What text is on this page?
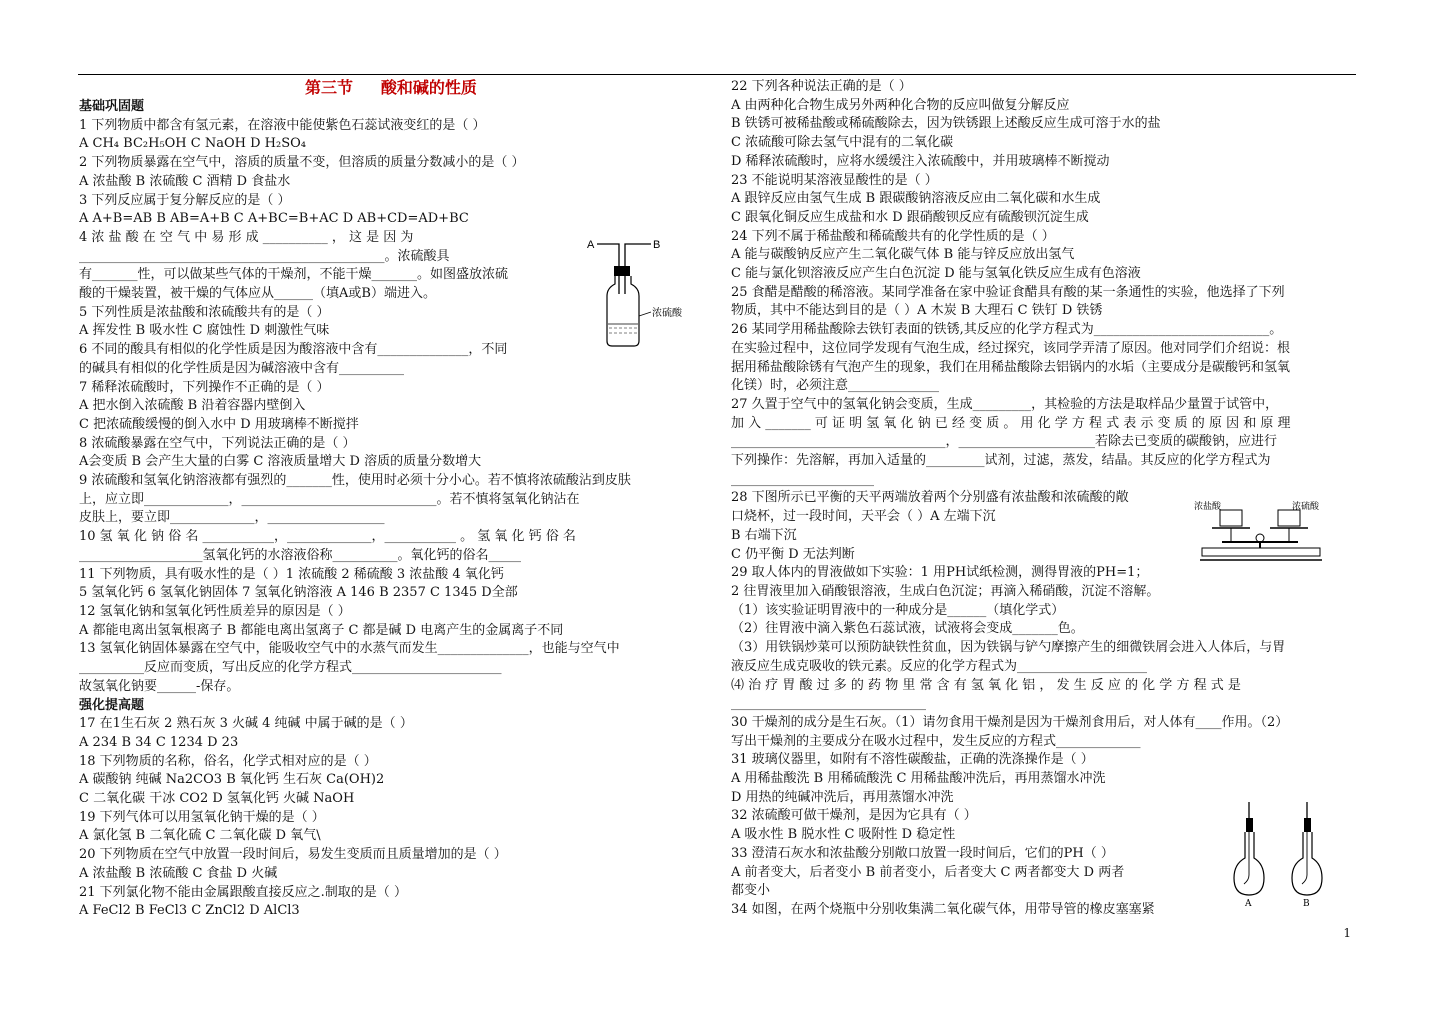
第三节 酸和碱的性质
基础巩固题
1 下列物质中都含有氢元素，在溶液中能使紫色石蕊试液变红的是（ ）
A CH₄ BC₂H₅OH C NaOH D H₂SO₄
2 下列物质暴露在空气中，溶质的质量不变，但溶质的质量分数减小的是（ ）
A 浓盐酸 B 浓硫酸 C 酒精 D 食盐水
3 下列反应属于复分解反应的是（ ）
A A+B=AB B AB=A+B C A+BC=B+AC D AB+CD=AD+BC
4 浓 盐 酸 在 空 气 中 易 形 成 __________ ， 这 是 因 为
_______________________________________________。浓硫酸具
有_______性，可以做某些气体的干燥剂，不能干燥_______。如图盛放浓硫
酸的干燥装置，被干燥的气体应从______（填A或B）端进入。
5 下列性质是浓盐酸和浓硫酸共有的是（ ）
A 挥发性 B 吸水性 C 腐蚀性 D 刺激性气味
6 不同的酸具有相似的化学性质是因为酸溶液中含有______________，不同
的碱具有相似的化学性质是因为碱溶液中含有__________
7 稀释浓硫酸时，下列操作不正确的是（ ）
A 把水倒入浓硫酸 B 沿着容器内壁倒入
C 把浓硫酸缓慢的倒入水中 D 用玻璃棒不断搅拌
8 浓硫酸暴露在空气中，下列说法正确的是（ ）
A会变质 B 会产生大量的白雾 C 溶液质量增大 D 溶质的质量分数增大
9 浓硫酸和氢氧化钠溶液都有强烈的_______性，使用时必须十分小心。若不慎将浓硫酸沾到皮肤
上，应立即_____________，______________________________。若不慎将氢氧化钠沾在
皮肤上，要立即_____________，__________________
10 氢 氧 化 钠 俗 名 ___________，_____________，___________ 。 氢 氧 化 钙 俗 名
___________________氢氧化钙的水溶液俗称__________。氧化钙的俗名_____
11 下列物质，具有吸水性的是（ ）1 浓硫酸 2 稀硫酸 3 浓盐酸 4 氧化钙
5 氢氧化钙 6 氢氧化钠固体 7 氢氧化钠溶液 A 146 B 2357 C 1345 D全部
12 氢氧化钠和氢氧化钙性质差异的原因是（ ）
A 都能电离出氢氧根离子 B 都能电离出氢离子 C 都是碱 D 电离产生的金属离子不同
13 氢氧化钠固体暴露在空气中，能吸收空气中的水蒸气而发生______________，也能与空气中
__________反应而变质，写出反应的化学方程式_______________________
故氢氧化钠要______-保存。
强化提高题
17 在1生石灰 2 熟石灰 3 火碱 4 纯碱 中属于碱的是（ ）
A 234 B 34 C 1234 D 23
18 下列物质的名称，俗名，化学式相对应的是（ ）
A 碳酸钠 纯碱 Na2CO3 B 氧化钙 生石灰 Ca(OH)2
C 二氧化碳 干冰 CO2 D 氢氧化钙 火碱 NaOH
19 下列气体可以用氢氧化钠干燥的是（ ）
A 氯化氢 B 二氧化硫 C 二氧化碳 D 氧气\
20 下列物质在空气中放置一段时间后，易发生变质而且质量增加的是（ ）
A 浓盐酸 B 浓硫酸 C 食盐 D 火碱
21 下列氯化物不能由金属跟酸直接反应之.制取的是（ ）
A FeCl2 B FeCl3 C ZnCl2 D AlCl3
22 下列各种说法正确的是（ ）
A 由两种化合物生成另外两种化合物的反应叫做复分解反应
B 铁锈可被稀盐酸或稀硫酸除去，因为铁锈跟上述酸反应生成可溶于水的盐
C 浓硫酸可除去氢气中混有的二氧化碳
D 稀释浓硫酸时，应将水缓缓注入浓硫酸中，并用玻璃棒不断搅动
23 不能说明某溶液显酸性的是（ ）
A 跟锌反应由氢气生成 B 跟碳酸钠溶液反应由二氧化碳和水生成
C 跟氧化铜反应生成盐和水 D 跟硝酸钡反应有硫酸钡沉淀生成
24 下列不属于稀盐酸和稀硫酸共有的化学性质的是（ ）
A 能与碳酸钠反应产生二氧化碳气体 B 能与锌反应放出氢气
C 能与氯化钡溶液反应产生白色沉淀 D 能与氢氧化铁反应生成有色溶液
25 食醋是醋酸的稀溶液。某同学准备在家中验证食醋具有酸的某一条通性的实验，他选择了下列
物质，其中不能达到目的是（ ）A 木炭 B 大理石 C 铁钉 D 铁锈
26 某同学用稀盐酸除去铁钉表面的铁锈,其反应的化学方程式为___________________________。
在实验过程中，这位同学发现有气泡生成，经过探究，该同学弄清了原因。他对同学们介绍说：根
据用稀盐酸除锈有气泡产生的现象，我们在用稀盐酸除去铝锅内的水垢（主要成分是碳酸钙和氢氧
化镁）时，必须注意______________
27 久置于空气中的氢氧化钠会变质，生成_________，其检验的方法是取样品少量置于试管中，
加 入 _______ 可 证 明 氢 氧 化 钠 已 经 变 质 。 用 化 学 方 程 式 表 示 变 质 的 原 因 和 原 理
_________________________________，_____________________若除去已变质的碳酸钠，应进行
下列操作：先溶解，再加入适量的_________试剂，过滤，蒸发，结晶。其反应的化学方程式为
______________________
28 下图所示已平衡的天平两端放着两个分别盛有浓盐酸和浓硫酸的敞
口烧杯，过一段时间，天平会（ ）A 左端下沉
B 右端下沉
C 仍平衡 D 无法判断
29 取人体内的胃液做如下实验：1 用PH试纸检测，测得胃液的PH=1；
2 往胃液里加入硝酸银溶液，生成白色沉淀；再滴入稀硝酸，沉淀不溶解。
（1）该实验证明胃液中的一种成分是______（填化学式）
（2）往胃液中滴入紫色石蕊试液，试液将会变成_______色。
（3）用铁锅炒菜可以预防缺铁性贫血，因为铁锅与铲勺摩擦产生的细微铁屑会进入人体后，与胃
液反应生成克吸收的铁元素。反应的化学方程式为____________________
⑷ 治 疗 胃 酸 过 多 的 药 物 里 常 含 有 氢 氧 化 铝 ， 发 生 反 应 的 化 学 方 程 式 是
______________________________
30 干燥剂的成分是生石灰。（1）请勿食用干燥剂是因为干燥剂食用后，对人体有____作用。（2）
写出干燥剂的主要成分在吸水过程中，发生反应的方程式_____________
31 玻璃仪器里，如附有不溶性碳酸盐，正确的洗涤操作是（ ）
A 用稀盐酸洗 B 用稀硫酸洗 C 用稀盐酸冲洗后，再用蒸馏水冲洗
D 用热的纯碱冲洗后，再用蒸馏水冲洗
32 浓硫酸可做干燥剂，是因为它具有（ ）
A 吸水性 B 脱水性 C 吸附性 D 稳定性
33 澄清石灰水和浓盐酸分别敞口放置一段时间后，它们的PH（ ）
A 前者变大，后者变小 B 前者变小，后者变大 C 两者都变大 D 两者
都变小
34 如图，在两个烧瓶中分别收集满二氧化碳气体，用带导管的橡皮塞塞紧
A	B
浓硫酸
浓盐酸	浓硫酸
A	B
1
